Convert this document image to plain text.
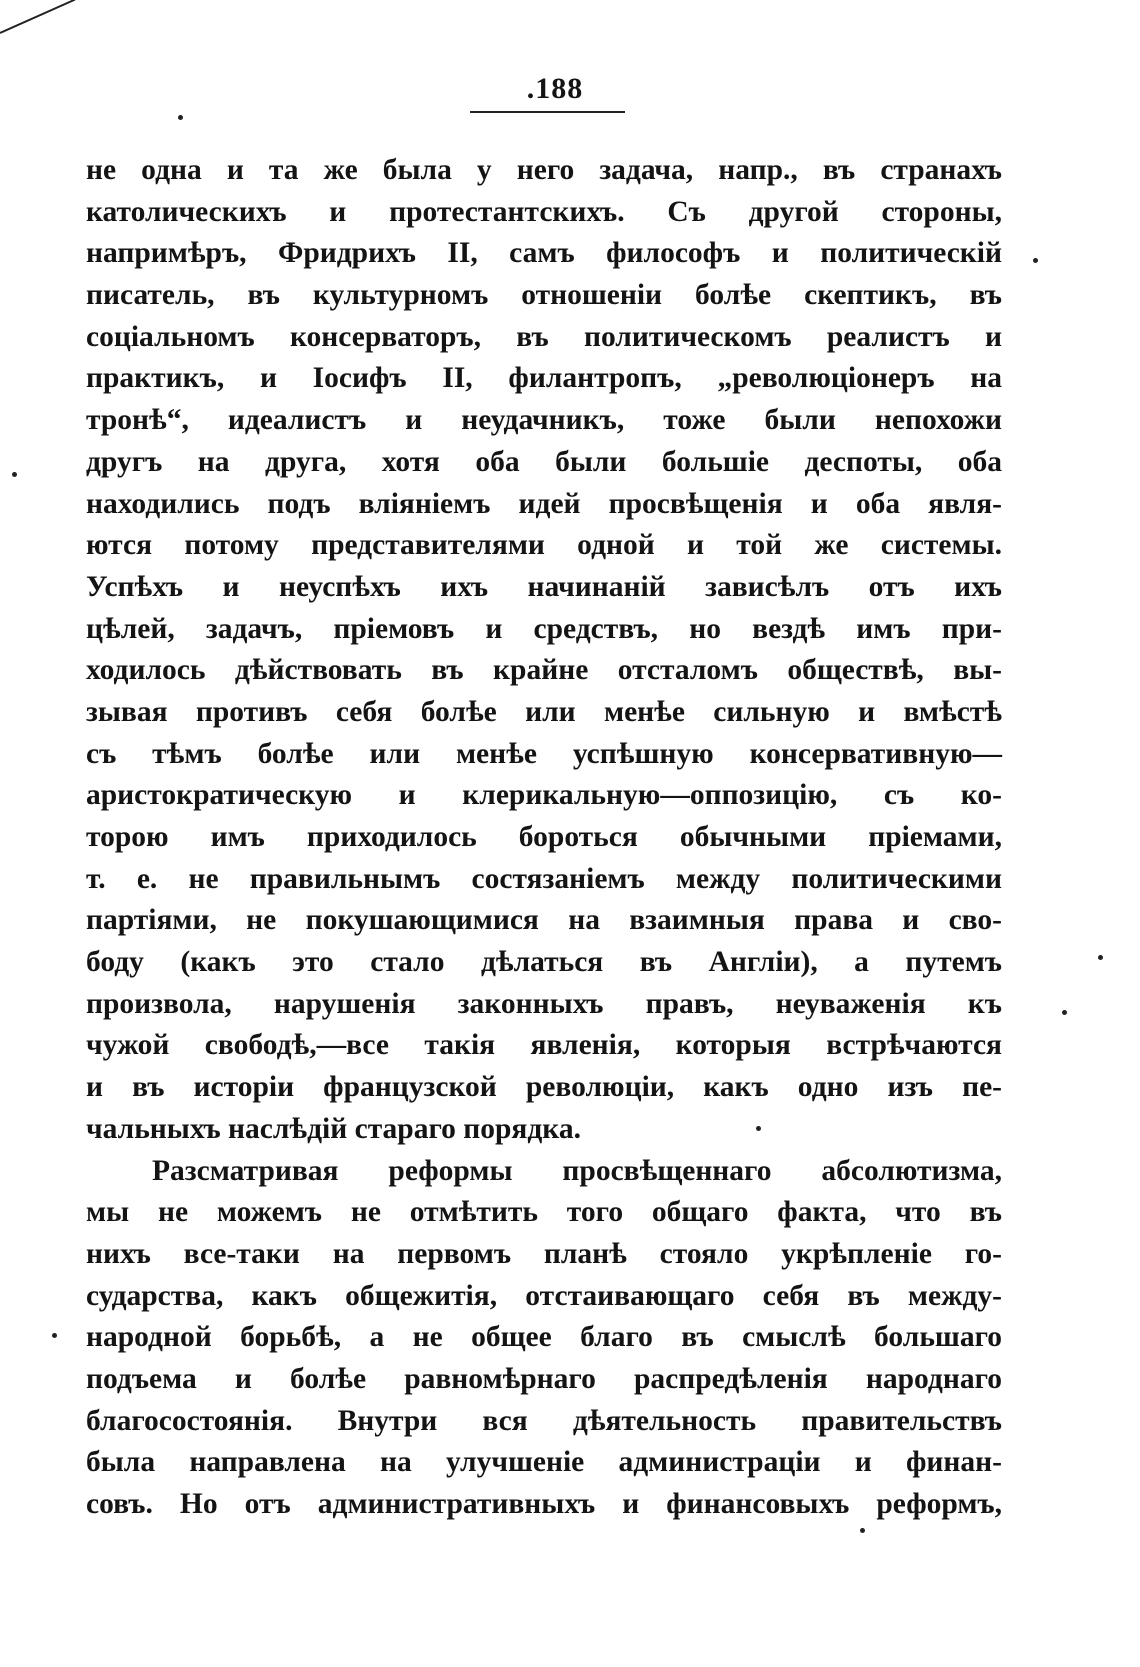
.188
не одна и та же была у него задача, напр., въ странахъ
католическихъ и протестантскихъ. Съ другой стороны,
напримѣръ, Фридрихъ II, самъ философъ и политическій
писатель, въ культурномъ отношеніи болѣе скептикъ, въ
соціальномъ консерваторъ, въ политическомъ реалистъ и
практикъ, и Іосифъ II, филантропъ, „революціонеръ на
тронѣ“, идеалистъ и неудачникъ, тоже были непохожи
другъ на друга, хотя оба были большіе деспоты, оба
находились подъ вліяніемъ идей просвѣщенія и оба явля-
ются потому представителями одной и той же системы.
Успѣхъ и неуспѣхъ ихъ начинаній зависѣлъ отъ ихъ
цѣлей, задачъ, пріемовъ и средствъ, но вездѣ имъ при-
ходилось дѣйствовать въ крайне отсталомъ обществѣ, вы-
зывая противъ себя болѣе или менѣе сильную и вмѣстѣ
съ тѣмъ болѣе или менѣе успѣшную консервативную—
аристократическую и клерикальную—оппозицію, съ ко-
торою имъ приходилось бороться обычными пріемами,
т. е. не правильнымъ состязаніемъ между политическими
партіями, не покушающимися на взаимныя права и сво-
боду (какъ это стало дѣлаться въ Англіи), а путемъ
произвола, нарушенія законныхъ правъ, неуваженія къ
чужой свободѣ,—все такія явленія, которыя встрѣчаются
и въ исторіи французской революціи, какъ одно изъ пе-
чальныхъ наслѣдій стараго порядка.
Разсматривая реформы просвѣщеннаго абсолютизма,
мы не можемъ не отмѣтить того общаго факта, что въ
нихъ все-таки на первомъ планѣ стояло укрѣпленіе го-
сударства, какъ общежитія, отстаивающаго себя въ между-
народной борьбѣ, а не общее благо въ смыслѣ большаго
подъема и болѣе равномѣрнаго распредѣленія народнаго
благосостоянія. Внутри вся дѣятельность правительствъ
была направлена на улучшеніе администраціи и финан-
совъ. Но отъ административныхъ и финансовыхъ реформъ,
